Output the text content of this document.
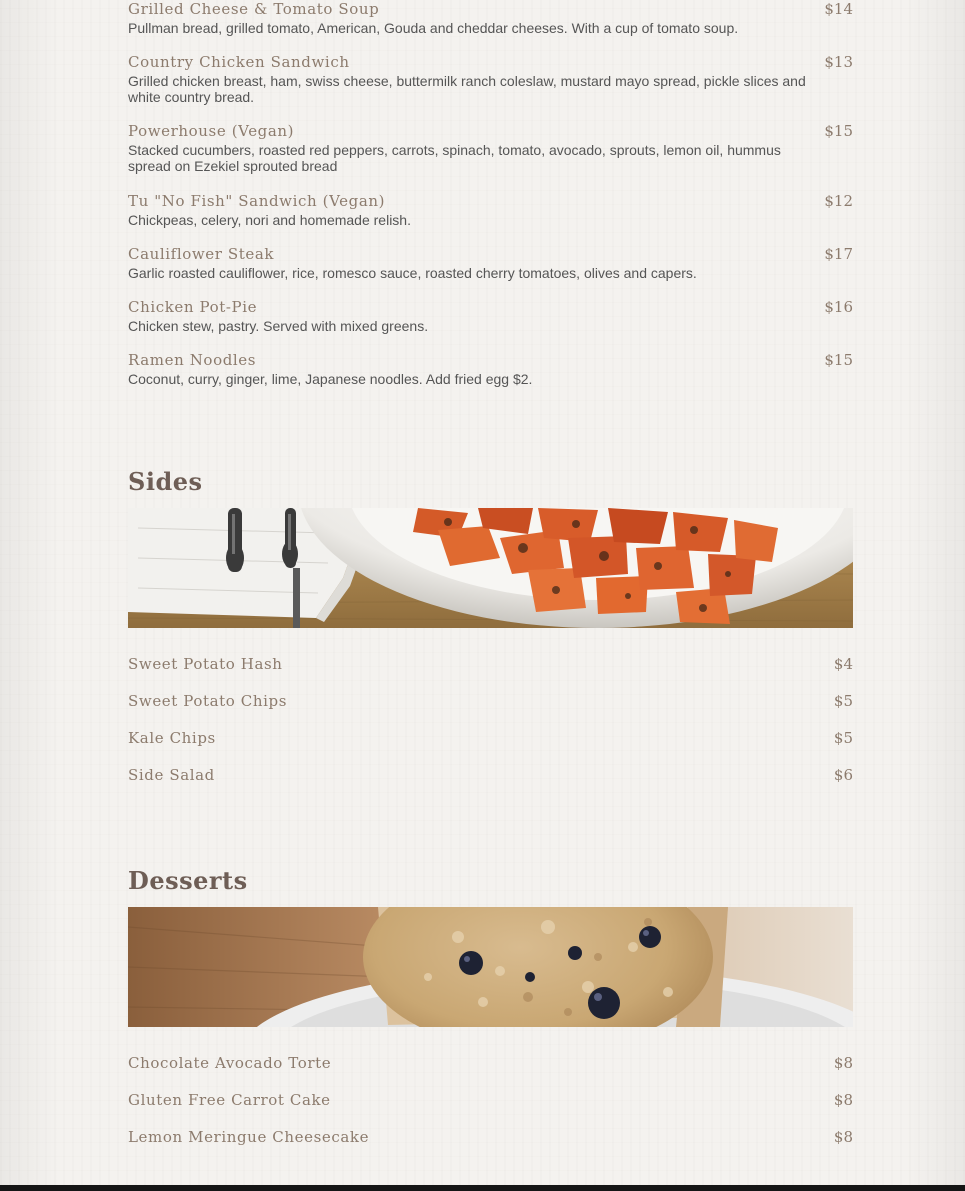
Grilled Cheese & Tomato Soup	$14
Pullman bread, grilled tomato, American, Gouda and cheddar cheeses. With a cup of tomato soup.
Country Chicken Sandwich	$13
Grilled chicken breast, ham, swiss cheese, buttermilk ranch coleslaw, mustard mayo spread, pickle slices and white country bread.
Powerhouse (Vegan)	$15
Stacked cucumbers, roasted red peppers, carrots, spinach, tomato, avocado, sprouts, lemon oil, hummus spread on Ezekiel sprouted bread
Tu "No Fish" Sandwich (Vegan)	$12
Chickpeas, celery, nori and homemade relish.
Cauliflower Steak	$17
Garlic roasted cauliflower, rice, romesco sauce, roasted cherry tomatoes, olives and capers.
Chicken Pot-Pie	$16
Chicken stew, pastry. Served with mixed greens.
Ramen Noodles	$15
Coconut, curry, ginger, lime, Japanese noodles. Add fried egg $2.
Sides
Sweet Potato Hash	$4
Sweet Potato Chips	$5
Kale Chips	$5
Side Salad	$6
Desserts
Chocolate Avocado Torte	$8
Gluten Free Carrot Cake	$8
Lemon Meringue Cheesecake	$8
